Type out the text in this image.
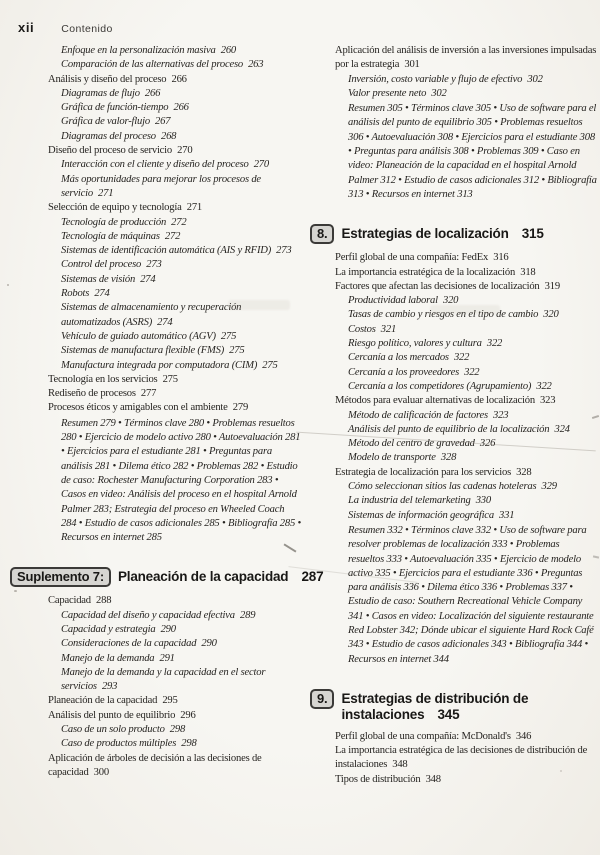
xii	Contenido
Enfoque en la personalización masiva 260
Comparación de las alternativas del proceso 263
Análisis y diseño del proceso 266
Diagramas de flujo 266
Gráfica de función-tiempo 266
Gráfica de valor-flujo 267
Diagramas del proceso 268
Diseño del proceso de servicio 270
Interacción con el cliente y diseño del proceso 270
Más oportunidades para mejorar los procesos de servicio 271
Selección de equipo y tecnología 271
Tecnología de producción 272
Tecnología de máquinas 272
Sistemas de identificación automática (AIS y RFID) 273
Control del proceso 273
Sistemas de visión 274
Robots 274
Sistemas de almacenamiento y recuperación automatizados (ASRS) 274
Vehículo de guiado automático (AGV) 275
Sistemas de manufactura flexible (FMS) 275
Manufactura integrada por computadora (CIM) 275
Tecnología en los servicios 275
Rediseño de procesos 277
Procesos éticos y amigables con el ambiente 279
Resumen 279 • Términos clave 280 • Problemas resueltos 280 • Ejercicio de modelo activo 280 • Autoevaluación 281 • Ejercicios para el estudiante 281 • Preguntas para análisis 281 • Dilema ético 282 • Problemas 282 • Estudio de caso: Rochester Manufacturing Corporation 283 • Casos en video: Análisis del proceso en el hospital Arnold Palmer 283; Estrategia del proceso en Wheeled Coach 284 • Estudio de casos adicionales 285 • Bibliografía 285 • Recursos en internet 285
Suplemento 7:	Planeación de la capacidad  287
Capacidad 288
Capacidad del diseño y capacidad efectiva 289
Capacidad y estrategia 290
Consideraciones de la capacidad 290
Manejo de la demanda 291
Manejo de la demanda y la capacidad en el sector servicios 293
Planeación de la capacidad 295
Análisis del punto de equilibrio 296
Caso de un solo producto 298
Caso de productos múltiples 298
Aplicación de árboles de decisión a las decisiones de capacidad 300
Aplicación del análisis de inversión a las inversiones impulsadas por la estrategia 301
Inversión, costo variable y flujo de efectivo 302
Valor presente neto 302
Resumen 305 • Términos clave 305 • Uso de software para el análisis del punto de equilibrio 305 • Problemas resueltos 306 • Autoevaluación 308 • Ejercicios para el estudiante 308 • Preguntas para análisis 308 • Problemas 309 • Caso en video: Planeación de la capacidad en el hospital Arnold Palmer 312 • Estudio de casos adicionales 312 • Bibliografía 313 • Recursos en internet 313
8.	Estrategias de localización  315
Perfil global de una compañía: FedEx 316
La importancia estratégica de la localización 318
Factores que afectan las decisiones de localización 319
Productividad laboral 320
Tasas de cambio y riesgos en el tipo de cambio 320
Costos 321
Riesgo político, valores y cultura 322
Cercanía a los mercados 322
Cercanía a los proveedores 322
Cercanía a los competidores (Agrupamiento) 322
Métodos para evaluar alternativas de localización 323
Método de calificación de factores 323
Análisis del punto de equilibrio de la localización 324
Método del centro de gravedad 326
Modelo de transporte 328
Estrategia de localización para los servicios 328
Cómo seleccionan sitios las cadenas hoteleras 329
La industria del telemarketing 330
Sistemas de información geográfica 331
Resumen 332 • Términos clave 332 • Uso de software para resolver problemas de localización 333 • Problemas resueltos 333 • Autoevaluación 335 • Ejercicio de modelo activo 335 • Ejercicios para el estudiante 336 • Preguntas para análisis 336 • Dilema ético 336 • Problemas 337 • Estudio de caso: Southern Recreational Vehicle Company 341 • Casos en video: Localización del siguiente restaurante Red Lobster 342; Dónde ubicar el siguiente Hard Rock Café 343 • Estudio de casos adicionales 343 • Bibliografía 344 • Recursos en internet 344
9.	Estrategias de distribución de instalaciones  345
Perfil global de una compañía: McDonald's 346
La importancia estratégica de las decisiones de distribución de instalaciones 348
Tipos de distribución 348
